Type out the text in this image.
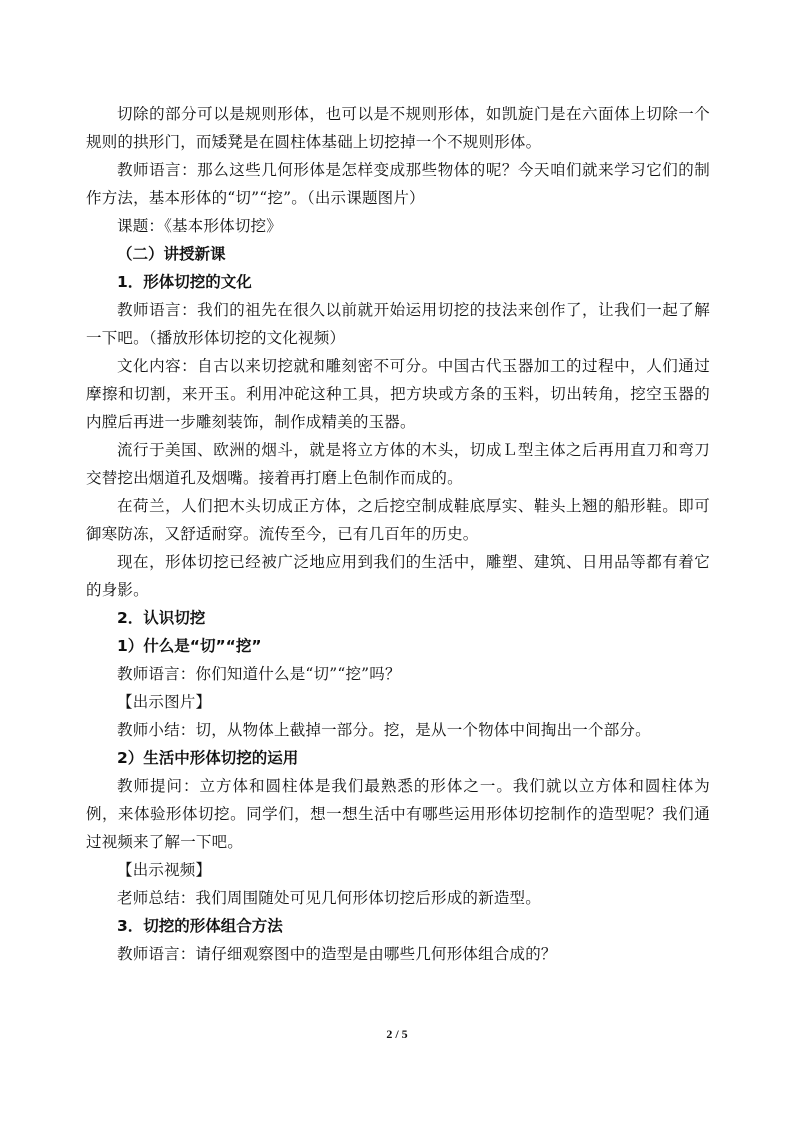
切除的部分可以是规则形体，也可以是不规则形体，如凯旋门是在六面体上切除一个规则的拱形门，而矮凳是在圆柱体基础上切挖掉一个不规则形体。

教师语言：那么这些几何形体是怎样变成那些物体的呢？今天咱们就来学习它们的制作方法，基本形体的“切”“挖”。（出示课题图片）

课题：《基本形体切挖》

（二）讲授新课

1．形体切挖的文化

教师语言：我们的祖先在很久以前就开始运用切挖的技法来创作了，让我们一起了解一下吧。（播放形体切挖的文化视频）

文化内容：自古以来切挖就和雕刻密不可分。中国古代玉器加工的过程中，人们通过摩擦和切割，来开玉。利用冲砣这种工具，把方块或方条的玉料，切出转角，挖空玉器的内膛后再进一步雕刻装饰，制作成精美的玉器。

流行于美国、欧洲的烟斗，就是将立方体的木头，切成Ｌ型主体之后再用直刀和弯刀交替挖出烟道孔及烟嘴。接着再打磨上色制作而成的。

在荷兰，人们把木头切成正方体，之后挖空制成鞋底厚实、鞋头上翘的船形鞋。即可御寒防冻，又舒适耐穿。流传至今，已有几百年的历史。

现在，形体切挖已经被广泛地应用到我们的生活中，雕塑、建筑、日用品等都有着它的身影。

2．认识切挖

1）什么是“切”“挖”

教师语言：你们知道什么是“切”“挖”吗？

【出示图片】

教师小结：切，从物体上截掉一部分。挖，是从一个物体中间掏出一个部分。

2）生活中形体切挖的运用

教师提问：立方体和圆柱体是我们最熟悉的形体之一。我们就以立方体和圆柱体为例，来体验形体切挖。同学们，想一想生活中有哪些运用形体切挖制作的造型呢？我们通过视频来了解一下吧。

【出示视频】

老师总结：我们周围随处可见几何形体切挖后形成的新造型。

3．切挖的形体组合方法

教师语言：请仔细观察图中的造型是由哪些几何形体组合成的？

2 / 5
